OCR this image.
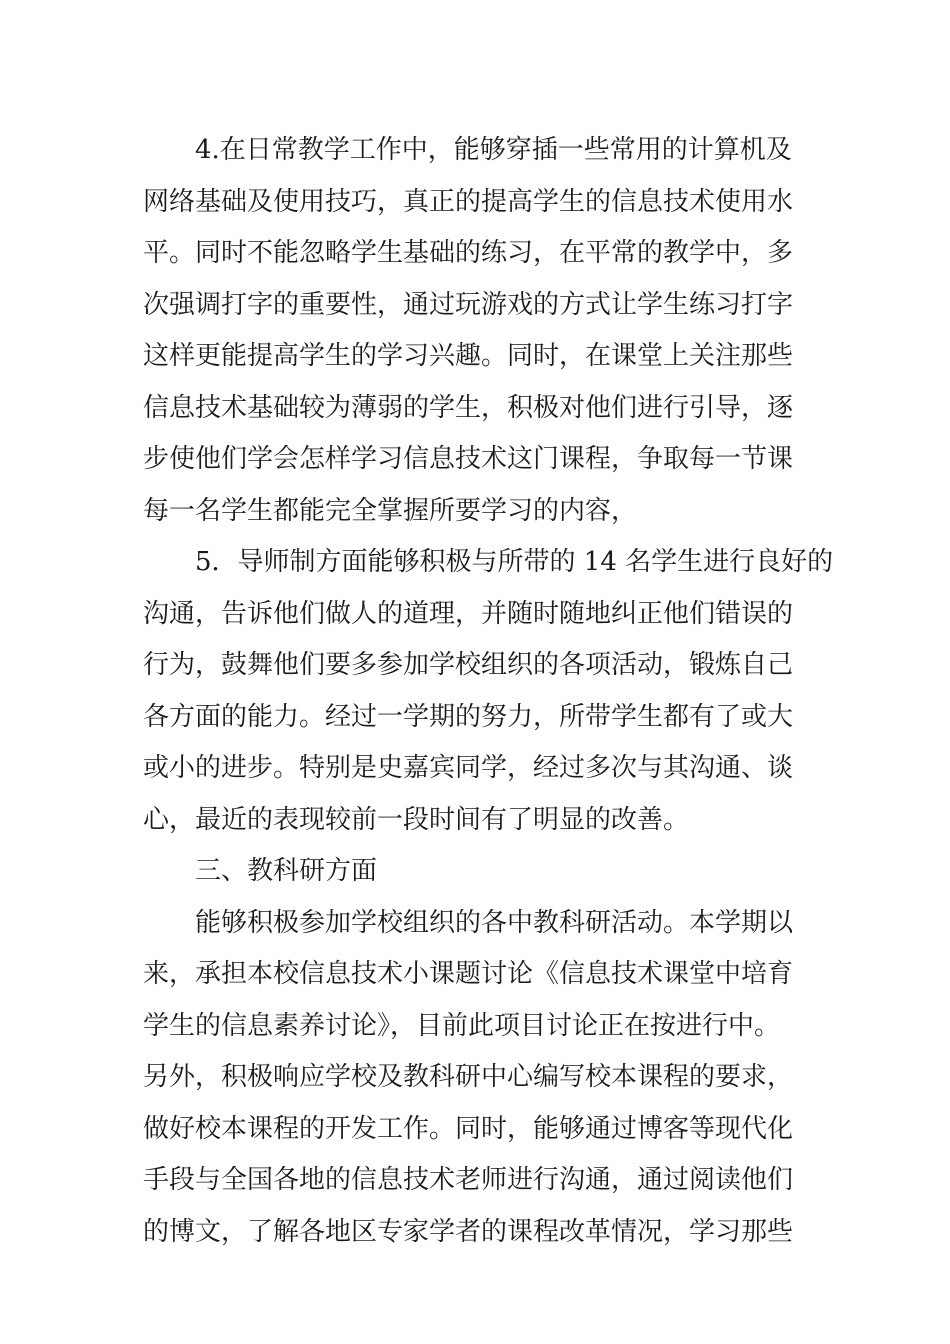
4.在日常教学工作中，能够穿插一些常用的计算机及
网络基础及使用技巧，真正的提高学生的信息技术使用水
平。同时不能忽略学生基础的练习，在平常的教学中，多
次强调打字的重要性，通过玩游戏的方式让学生练习打字
这样更能提高学生的学习兴趣。同时，在课堂上关注那些
信息技术基础较为薄弱的学生，积极对他们进行引导，逐
步使他们学会怎样学习信息技术这门课程，争取每一节课
每一名学生都能完全掌握所要学习的内容，
5．导师制方面能够积极与所带的 14 名学生进行良好的
沟通，告诉他们做人的道理，并随时随地纠正他们错误的
行为，鼓舞他们要多参加学校组织的各项活动，锻炼自己
各方面的能力。经过一学期的努力，所带学生都有了或大
或小的进步。特别是史嘉宾同学，经过多次与其沟通、谈
心，最近的表现较前一段时间有了明显的改善。
三、教科研方面
能够积极参加学校组织的各中教科研活动。本学期以
来，承担本校信息技术小课题讨论《信息技术课堂中培育
学生的信息素养讨论》，目前此项目讨论正在按进行中。
另外，积极响应学校及教科研中心编写校本课程的要求，
做好校本课程的开发工作。同时，能够通过博客等现代化
手段与全国各地的信息技术老师进行沟通，通过阅读他们
的博文，了解各地区专家学者的课程改革情况，学习那些
